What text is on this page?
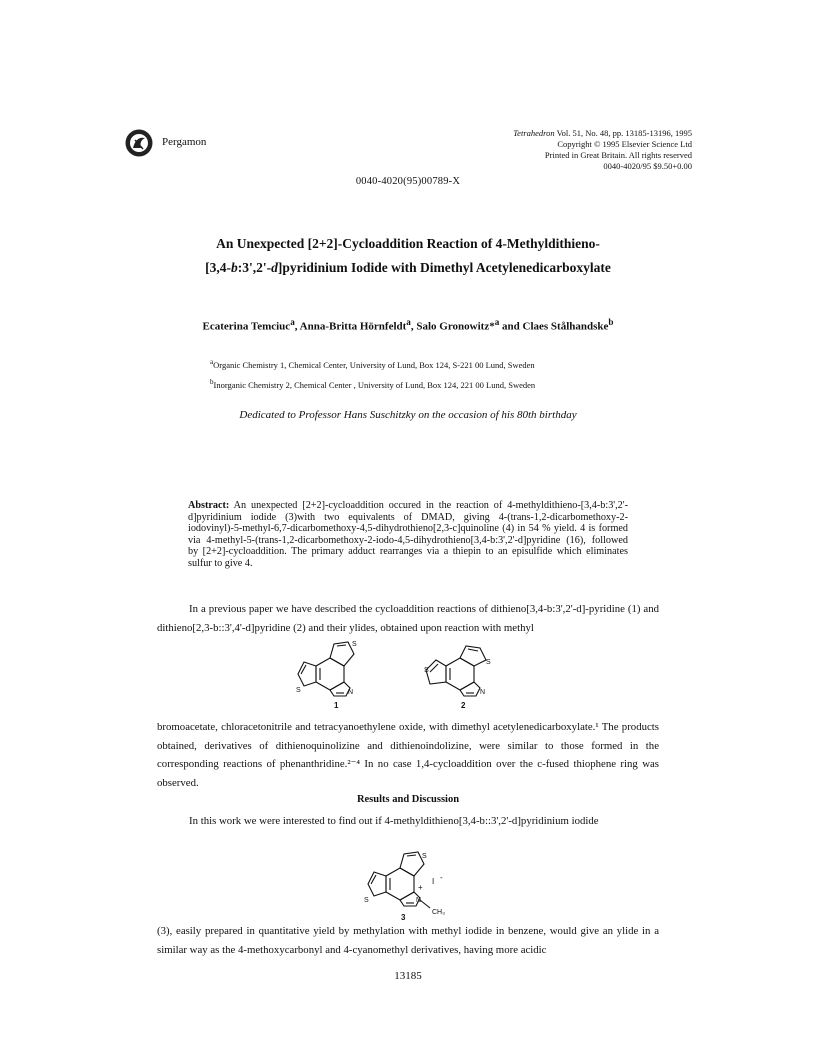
Pergamon
Tetrahedron Vol. 51, No. 48, pp. 13185-13196, 1995
Copyright © 1995 Elsevier Science Ltd
Printed in Great Britain. All rights reserved
0040-4020/95 $9.50+0.00
0040-4020(95)00789-X
An Unexpected [2+2]-Cycloaddition Reaction of 4-Methyldithieno-
[3,4-b:3',2'-d]pyridinium Iodide with Dimethyl Acetylenedicarboxylate
Ecaterina Temciuc$^a$, Anna-Britta Hörnfeldt$^a$, Salo Gronowitz*$^a$ and Claes Stålhandske$^b$
$^a$Organic Chemistry 1, Chemical Center, University of Lund, Box 124, S-221 00 Lund, Sweden
$^b$Inorganic Chemistry 2, Chemical Center , University of Lund, Box 124, 221 00 Lund, Sweden
Dedicated to Professor Hans Suschitzky on the occasion of his 80th birthday
Abstract: An unexpected [2+2]-cycloaddition occured in the reaction of 4-methyldithieno-[3,4-b:3',2'-d]pyridinium iodide (3)with two equivalents of DMAD, giving 4-(trans-1,2-dicarbomethoxy-2- iodovinyl)-5-methyl-6,7-dicarbomethoxy-4,5-dihydrothieno[2,3-c]quinoline (4) in 54 % yield. 4 is formed via 4-methyl-5-(trans-1,2-dicarbomethoxy-2-iodo-4,5-dihydrothieno[3,4-b:3',2'-d]pyridine (16), followed by [2+2]-cycloaddition. The primary adduct rearranges via a thiepin to an episulfide which eliminates sulfur to give 4.
In a previous paper we have described the cycloaddition reactions of dithieno[3,4-b:3',2'-d]-pyridine (1) and dithieno[2,3-b::3',4'-d]pyridine (2) and their ylides, obtained upon reaction with methyl
S
S
N
S
S
N
1	2
bromoacetate, chloracetonitrile and tetracyanoethylene oxide, with dimethyl acetylenedicarboxylate.¹ The products obtained, derivatives of dithienoquinolizine and dithienoindolizine, were similar to those formed in the corresponding reactions of phenanthridine.²⁻⁴ In no case 1,4-cycloaddition over the c-fused thiophene ring was observed.
Results and Discussion
In this work we were interested to find out if 4-methyldithieno[3,4-b::3',2'-d]pyridinium iodide
S
S
N
+
I -
CH₃
3
(3), easily prepared in quantitative yield by methylation with methyl iodide in benzene, would give an ylide in a similar way as the 4-methoxycarbonyl and 4-cyanomethyl derivatives, having more acidic
13185
